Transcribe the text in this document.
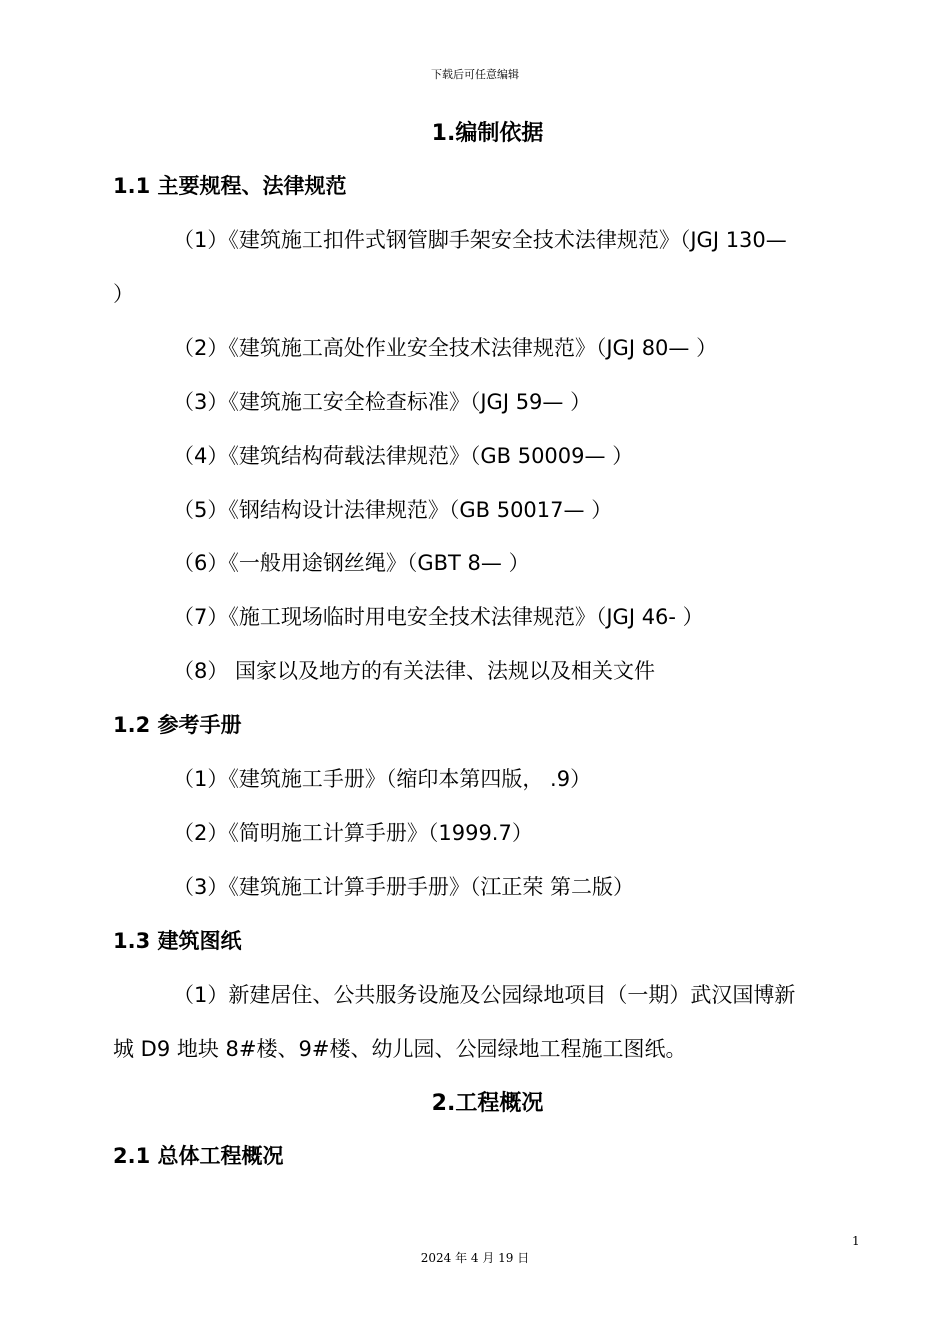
下载后可任意编辑
1.编制依据
1.1 主要规程、法律规范
（1）《建筑施工扣件式钢管脚手架安全技术法律规范》（JGJ 130—
）
（2）《建筑施工高处作业安全技术法律规范》（JGJ 80— ）
（3）《建筑施工安全检查标准》（JGJ 59— ）
（4）《建筑结构荷载法律规范》（GB 50009— ）
（5）《钢结构设计法律规范》（GB 50017— ）
（6）《一般用途钢丝绳》（GBT 8— ）
（7）《施工现场临时用电安全技术法律规范》（JGJ 46- ）
（8） 国家以及地方的有关法律、法规以及相关文件
1.2 参考手册
（1）《建筑施工手册》（缩印本第四版， .9）
（2）《简明施工计算手册》（1999.7）
（3）《建筑施工计算手册手册》（江正荣 第二版）
1.3 建筑图纸
（1）新建居住、公共服务设施及公园绿地项目（一期）武汉国博新
城 D9 地块 8#楼、9#楼、幼儿园、公园绿地工程施工图纸。
2.工程概况
2.1 总体工程概况
1
2024 年 4 月 19 日
